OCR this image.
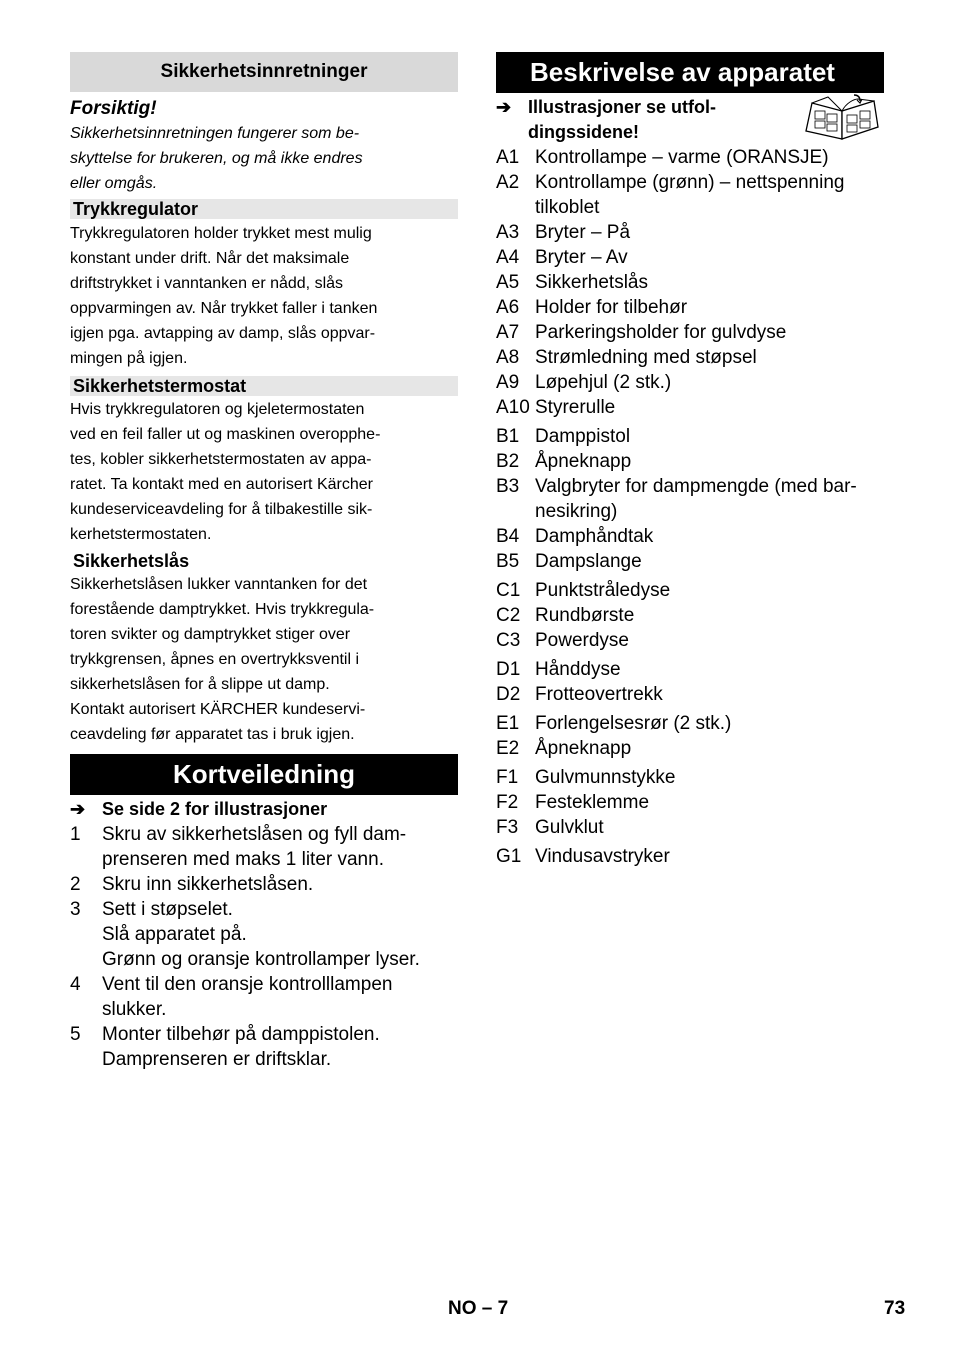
Sikkerhetsinnretninger

Forsiktig!

Sikkerhetsinnretningen fungerer som be-
skyttelse for brukeren, og må ikke endres
eller omgås.
Trykkregulator
Trykkregulatoren holder trykket mest mulig
konstant under drift. Når det maksimale
driftstrykket i vanntanken er nådd, slås
oppvarmingen av. Når trykket faller i tanken
igjen pga. avtapping av damp, slås oppvar-
mingen på igjen.
Sikkerhetstermostat
Hvis trykkregulatoren og kjeletermostaten
ved en feil faller ut og maskinen overopphe-
tes, kobler sikkerhetstermostaten av appa-
ratet. Ta kontakt med en autorisert Kärcher
kundeserviceavdeling for å tilbakestille sik-
kerhetstermostaten.
Sikkerhetslås
Sikkerhetslåsen lukker vanntanken for det
forestående damptrykket. Hvis trykkregula-
toren svikter og damptrykket stiger over
trykkgrensen, åpnes en overtrykksventil i
sikkerhetslåsen for å slippe ut damp.
Kontakt autorisert KÄRCHER kundeservi-
ceavdeling før apparatet tas i bruk igjen.
Kortveiledning
➔ Se side 2 for illustrasjoner
1	Skru av sikkerhetslåsen og fyll dam-
prenseren med maks 1 liter vann.
2	Skru inn sikkerhetslåsen.
3	Sett i støpselet.
Slå apparatet på.
Grønn og oransje kontrollamper lyser.
4	Vent til den oransje kontrolllampen
slukker.
5	Monter tilbehør på damppistolen.
Damprenseren er driftsklar.
Beskrivelse av apparatet
➔ Illustrasjoner se utfol-
dingssidene!
A1 Kontrollampe – varme (ORANSJE)
A2 Kontrollampe (grønn) – nettspenning
tilkoblet
A3 Bryter – På
A4 Bryter – Av
A5 Sikkerhetslås
A6 Holder for tilbehør
A7 Parkeringsholder for gulvdyse
A8 Strømledning med støpsel
A9 Løpehjul (2 stk.)
A10 Styrerulle
B1 Damppistol
B2 Åpneknapp
B3 Valgbryter for dampmengde (med bar-
nesikring)
B4 Damphåndtak
B5 Dampslange
C1 Punktstråledyse
C2 Rundbørste
C3 Powerdyse
D1 Hånddyse
D2 Frotteovertrekk
E1 Forlengelsesrør (2 stk.)
E2 Åpneknapp
F1 Gulvmunnstykke
F2 Festeklemme
F3 Gulvklut
G1 Vindusavstryker
NO – 7	73
